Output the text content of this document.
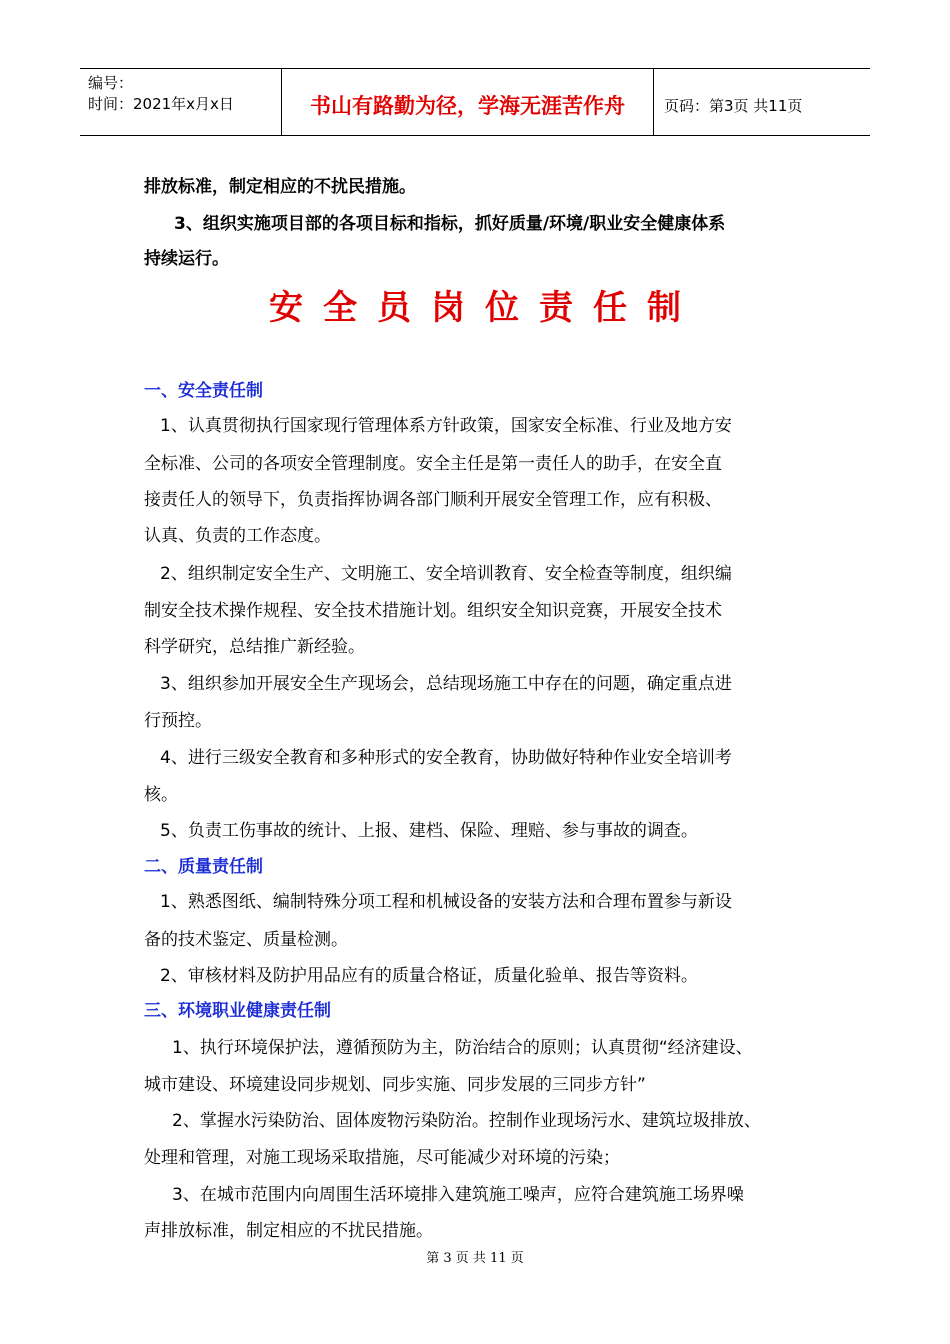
编号：
时间：2021年x月x日	书山有路勤为径，学海无涯苦作舟	页码：第3页 共11页
排放标准，制定相应的不扰民措施。
3、组织实施项目部的各项目标和指标，抓好质量/环境/职业安全健康体系
持续运行。
安全员岗位责任制
一、安全责任制
1、认真贯彻执行国家现行管理体系方针政策，国家安全标准、行业及地方安
全标准、公司的各项安全管理制度。安全主任是第一责任人的助手，在安全直
接责任人的领导下，负责指挥协调各部门顺利开展安全管理工作，应有积极、
认真、负责的工作态度。
2、组织制定安全生产、文明施工、安全培训教育、安全检查等制度，组织编
制安全技术操作规程、安全技术措施计划。组织安全知识竞赛，开展安全技术
科学研究，总结推广新经验。
3、组织参加开展安全生产现场会，总结现场施工中存在的问题，确定重点进
行预控。
4、进行三级安全教育和多种形式的安全教育，协助做好特种作业安全培训考
核。
5、负责工伤事故的统计、上报、建档、保险、理赔、参与事故的调查。
二、质量责任制
1、熟悉图纸、编制特殊分项工程和机械设备的安装方法和合理布置参与新设
备的技术鉴定、质量检测。
2、审核材料及防护用品应有的质量合格证，质量化验单、报告等资料。
三、环境职业健康责任制
1、执行环境保护法，遵循预防为主，防治结合的原则；认真贯彻“经济建设、
城市建设、环境建设同步规划、同步实施、同步发展的三同步方针”
2、掌握水污染防治、固体废物污染防治。控制作业现场污水、建筑垃圾排放、
处理和管理，对施工现场采取措施，尽可能减少对环境的污染；
3、在城市范围内向周围生活环境排入建筑施工噪声，应符合建筑施工场界噪
声排放标准，制定相应的不扰民措施。
第 3 页 共 11 页
